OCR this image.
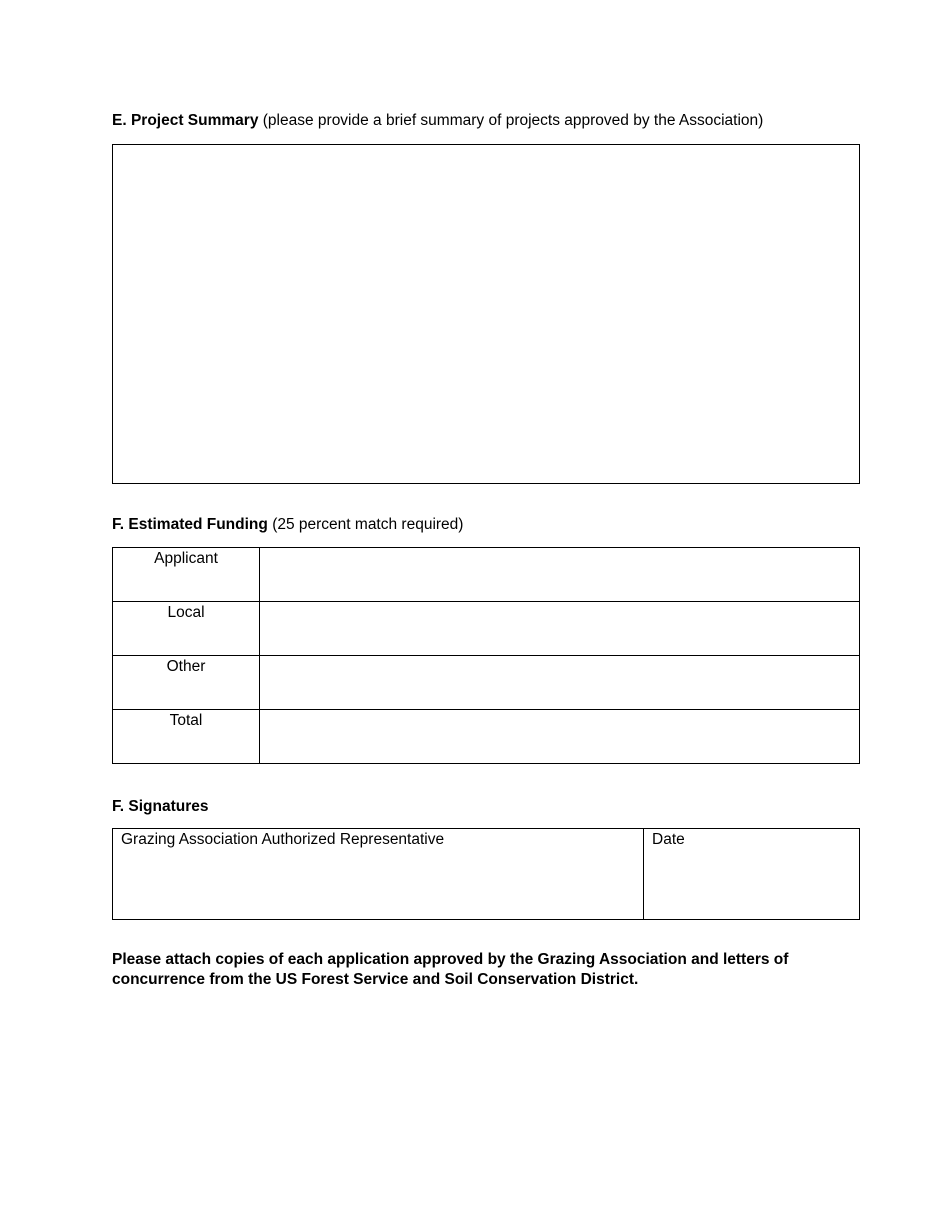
E. Project Summary (please provide a brief summary of projects approved by the Association)
F. Estimated Funding (25 percent match required)
Applicant	
Local	
Other	
Total	
F. Signatures
Grazing Association Authorized Representative	Date
Please attach copies of each application approved by the Grazing Association and letters of concurrence from the US Forest Service and Soil Conservation District.
